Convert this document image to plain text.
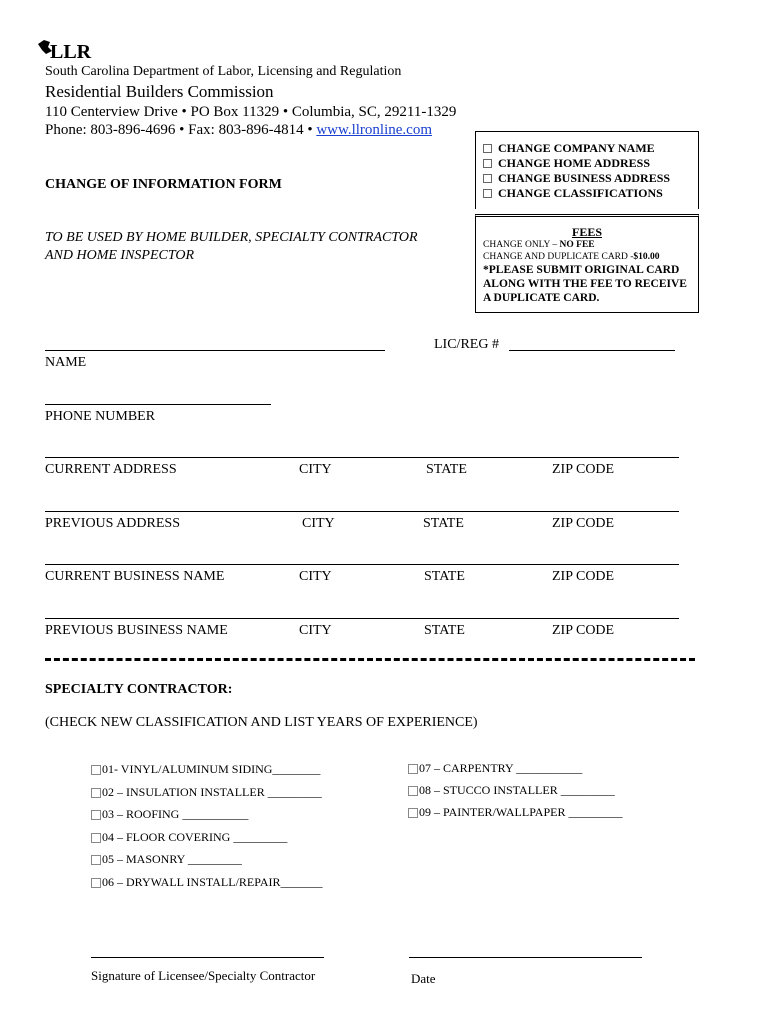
LLR
South Carolina Department of Labor, Licensing and Regulation
Residential Builders Commission
110 Centerview Drive • PO Box 11329 • Columbia, SC, 29211-1329
Phone: 803-896-4696 • Fax: 803-896-4814 • www.llronline.com
CHANGE COMPANY NAME
CHANGE HOME ADDRESS
CHANGE BUSINESS ADDRESS
CHANGE CLASSIFICATIONS
FEES
CHANGE ONLY – NO FEE
CHANGE AND DUPLICATE CARD -$10.00
*PLEASE SUBMIT ORIGINAL CARD ALONG WITH THE FEE TO RECEIVE A DUPLICATE CARD.
CHANGE OF INFORMATION FORM
TO BE USED BY HOME BUILDER, SPECIALTY CONTRACTOR
AND HOME INSPECTOR
NAME
LIC/REG #
PHONE NUMBER
CURRENT ADDRESS	CITY	STATE	ZIP CODE
PREVIOUS ADDRESS	CITY	STATE	ZIP CODE
CURRENT BUSINESS NAME	CITY	STATE	ZIP CODE
PREVIOUS BUSINESS NAME	CITY	STATE	ZIP CODE
SPECIALTY CONTRACTOR:
(CHECK NEW CLASSIFICATION AND LIST YEARS OF EXPERIENCE)
01- VINYL/ALUMINUM SIDING________
02 – INSULATION INSTALLER _________
03 – ROOFING ___________
04 – FLOOR COVERING _________
05 – MASONRY _________
06 – DRYWALL INSTALL/REPAIR_______
07 – CARPENTRY ___________
08 – STUCCO INSTALLER _________
09 – PAINTER/WALLPAPER _________
Signature of Licensee/Specialty Contractor	Date
